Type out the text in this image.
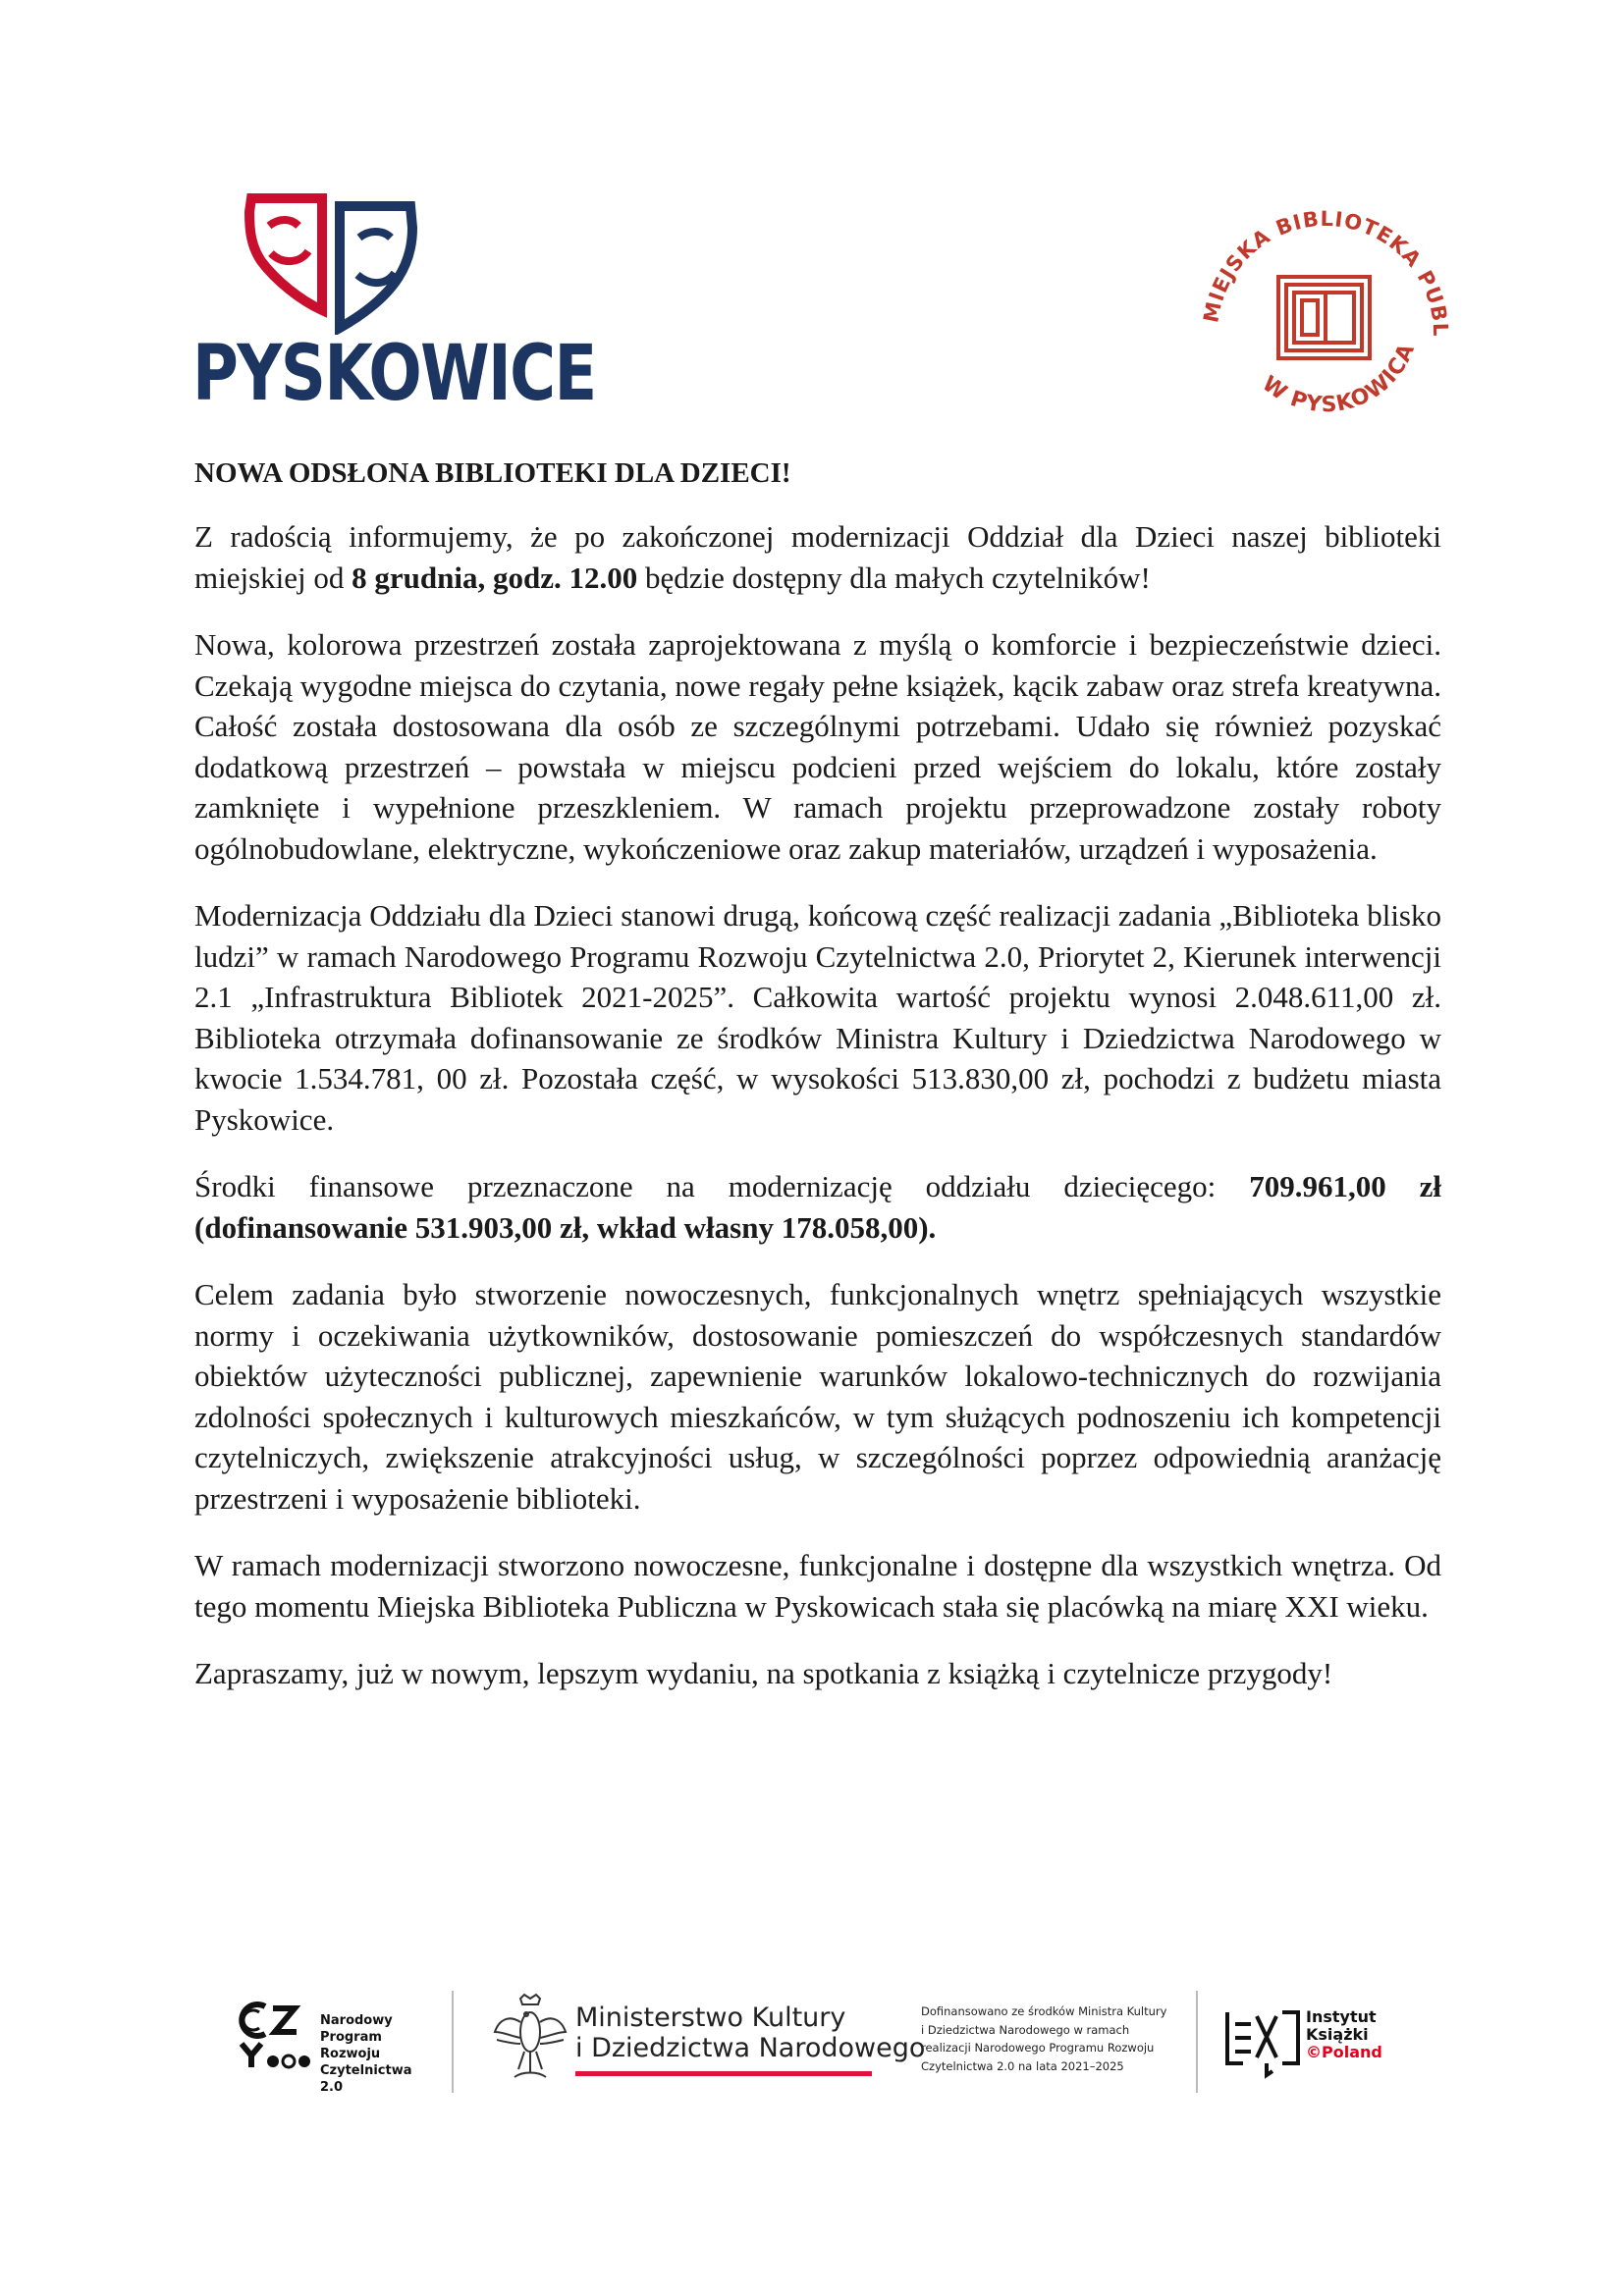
PYSKOWICE
MIEJSKA BIBLIOTEKA PUBL
W PYSKOWICA

NOWA ODSŁONA BIBLIOTEKI DLA DZIECI!

Z radością informujemy, że po zakończonej modernizacji Oddział dla Dzieci naszej biblioteki miejskiej od 8 grudnia, godz. 12.00 będzie dostępny dla małych czytelników!

Nowa, kolorowa przestrzeń została zaprojektowana z myślą o komforcie i bezpieczeństwie dzieci. Czekają wygodne miejsca do czytania, nowe regały pełne książek, kącik zabaw oraz strefa kreatywna. Całość została dostosowana dla osób ze szczególnymi potrzebami. Udało się również pozyskać dodatkową przestrzeń – powstała w miejscu podcieni przed wejściem do lokalu, które zostały zamknięte i wypełnione przeszkleniem. W ramach projektu przeprowadzone zostały roboty ogólnobudowlane, elektryczne, wykończeniowe oraz zakup materiałów, urządzeń i wyposażenia.

Modernizacja Oddziału dla Dzieci stanowi drugą, końcową część realizacji zadania „Biblioteka blisko ludzi” w ramach Narodowego Programu Rozwoju Czytelnictwa 2.0, Priorytet 2, Kierunek interwencji 2.1 „Infrastruktura Bibliotek 2021-2025”. Całkowita wartość projektu wynosi 2.048.611,00 zł. Biblioteka otrzymała dofinansowanie ze środków Ministra Kultury i Dziedzictwa Narodowego w kwocie 1.534.781, 00 zł. Pozostała część, w wysokości 513.830,00 zł, pochodzi z budżetu miasta Pyskowice.

Środki finansowe przeznaczone na modernizację oddziału dziecięcego: 709.961,00 zł (dofinansowanie 531.903,00 zł, wkład własny 178.058,00).

Celem zadania było stworzenie nowoczesnych, funkcjonalnych wnętrz spełniających wszystkie normy i oczekiwania użytkowników, dostosowanie pomieszczeń do współczesnych standardów obiektów użyteczności publicznej, zapewnienie warunków lokalowo-technicznych do rozwijania zdolności społecznych i kulturowych mieszkańców, w tym służących podnoszeniu ich kompetencji czytelniczych, zwiększenie atrakcyjności usług, w szczególności poprzez odpowiednią aranżację przestrzeni i wyposażenie biblioteki.

W ramach modernizacji stworzono nowoczesne, funkcjonalne i dostępne dla wszystkich wnętrza. Od tego momentu Miejska Biblioteka Publiczna w Pyskowicach stała się placówką na miarę XXI wieku.

Zapraszamy, już w nowym, lepszym wydaniu, na spotkania z książką i czytelnicze przygody!

Narodowy
Program
Rozwoju
Czytelnictwa
2.0
Ministerstwo Kultury
i Dziedzictwa Narodowego
Dofinansowano ze środków Ministra Kultury
i Dziedzictwa Narodowego w ramach
realizacji Narodowego Programu Rozwoju
Czytelnictwa 2.0 na lata 2021–2025
Instytut
Książki
©Poland
